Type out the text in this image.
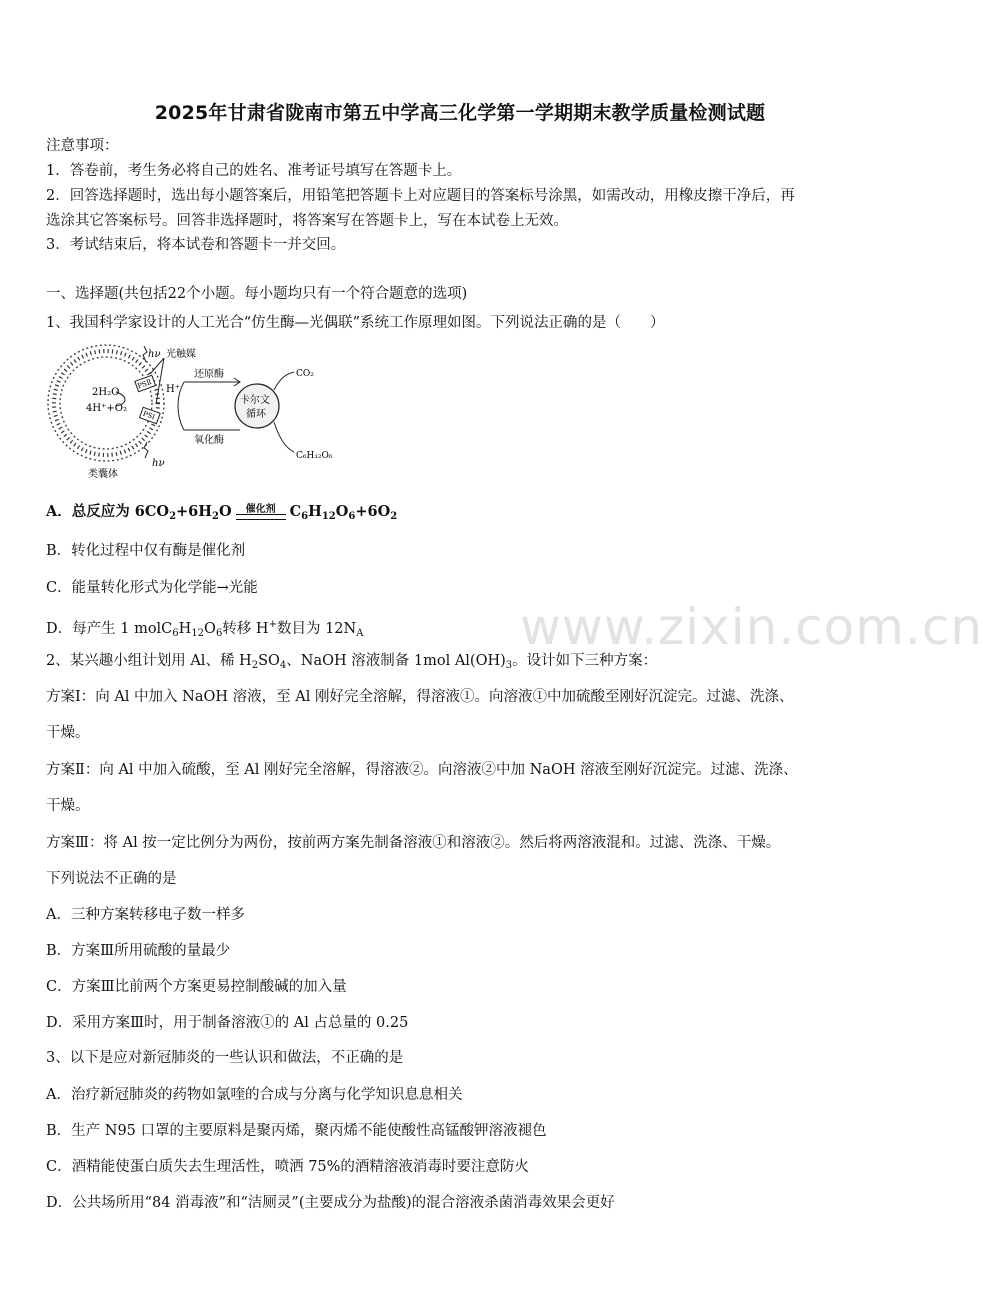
2025年甘肃省陇南市第五中学高三化学第一学期期末教学质量检测试题
注意事项：
1．答卷前，考生务必将自己的姓名、准考证号填写在答题卡上。
2．回答选择题时，选出每小题答案后，用铅笔把答题卡上对应题目的答案标号涂黑，如需改动，用橡皮擦干净后，再
选涂其它答案标号。回答非选择题时，将答案写在答题卡上，写在本试卷上无效。
3．考试结束后，将本试卷和答题卡一并交回。
一、选择题(共包括22个小题。每小题均只有一个符合题意的选项)
1、我国科学家设计的人工光合“仿生酶—光偶联”系统工作原理如图。下列说法正确的是（　　）
2H₂O
4H⁺+O₂
PSⅡ
PSⅠ
hν 光触媒
hν
H⁺
还原酶
氧化酶
卡尔文
循环
CO₂
C₆H₁₂O₆
类囊体
A．总反应为 $6CO_2+6H_2O$ 催化剂 $C_6H_{12}O_6+6O_2$
B．转化过程中仅有酶是催化剂
C．能量转化形式为化学能→光能
D．每产生 1 $molC_6H_{12}O_6$转移 H+数目为 $12N_A$
2、某兴趣小组计划用 Al、稀 $H_2SO_4$、NaOH 溶液制备 1mol $Al(OH)_3$。设计如下三种方案：
方案Ⅰ：向 Al 中加入 NaOH 溶液，至 Al 刚好完全溶解，得溶液①。向溶液①中加硫酸至刚好沉淀完。过滤、洗涤、
干燥。
方案Ⅱ：向 Al 中加入硫酸，至 Al 刚好完全溶解，得溶液②。向溶液②中加 NaOH 溶液至刚好沉淀完。过滤、洗涤、
干燥。
方案Ⅲ：将 Al 按一定比例分为两份，按前两方案先制备溶液①和溶液②。然后将两溶液混和。过滤、洗涤、干燥。
下列说法不正确的是
A．三种方案转移电子数一样多
B．方案Ⅲ所用硫酸的量最少
C．方案Ⅲ比前两个方案更易控制酸碱的加入量
D．采用方案Ⅲ时，用于制备溶液①的 Al 占总量的 0.25
3、以下是应对新冠肺炎的一些认识和做法，不正确的是
A．治疗新冠肺炎的药物如氯喹的合成与分离与化学知识息息相关
B．生产 N95 口罩的主要原料是聚丙烯，聚丙烯不能使酸性高锰酸钾溶液褪色
C．酒精能使蛋白质失去生理活性，喷洒 75%的酒精溶液消毒时要注意防火
D．公共场所用“84 消毒液”和“洁厕灵”(主要成分为盐酸)的混合溶液杀菌消毒效果会更好
www.zixin.com.cn
